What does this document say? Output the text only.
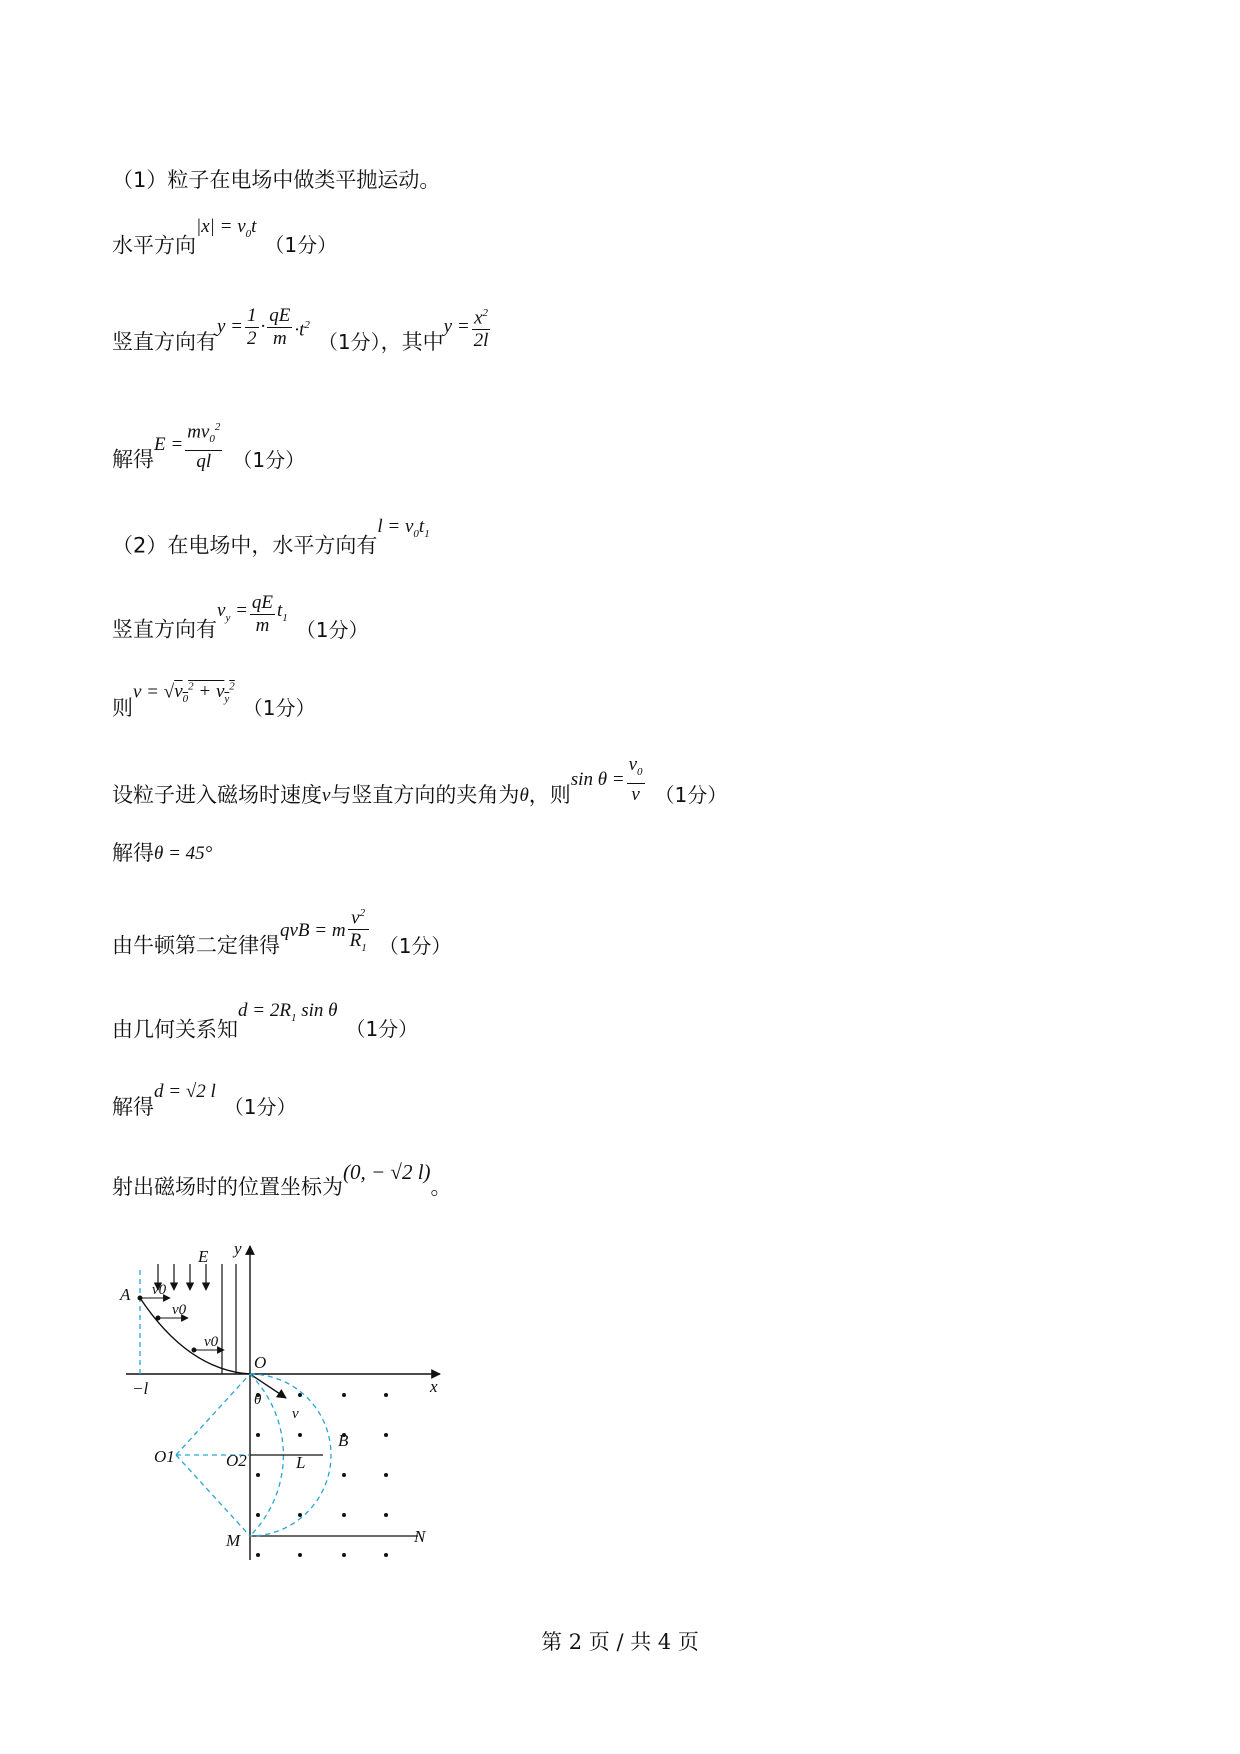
（1）粒子在电场中做类平抛运动。
水平方向$|x| = v_0t(1$分）
竖直方向有$y = \frac{1}{2} \cdot \frac{qE}{m} \cdot t^2(1$分），其中$y = \frac{x^2}{2l}$
解得$E = \frac{mv_0^2}{ql} (1$分）
（2）在电场中，水平方向有$l = v_0t_1$
竖直方向有$v_y = \frac{qE}{m} t_1$ （1分）
则$v = √v_0^2 + v_y^2(1$分）
设粒子进入磁场时速度v与竖直方向的夹角为θ，则$\sin \theta = \frac{v_0}{v} (1$分）
解得θ = 45°
由牛顿第二定律得qvB = m $\frac{v^2}{R_1} (1$分）
由几何关系知$d = 2R_1$ sin θ（1分）
解得d = √2 l（1分）
射出磁场时的位置坐标为(0, − √2 l)。
E y
A v0
v0
v0
O
x
−l
θ
v
B
O1	O2	L
M	N
第 2 页 / 共 4 页
